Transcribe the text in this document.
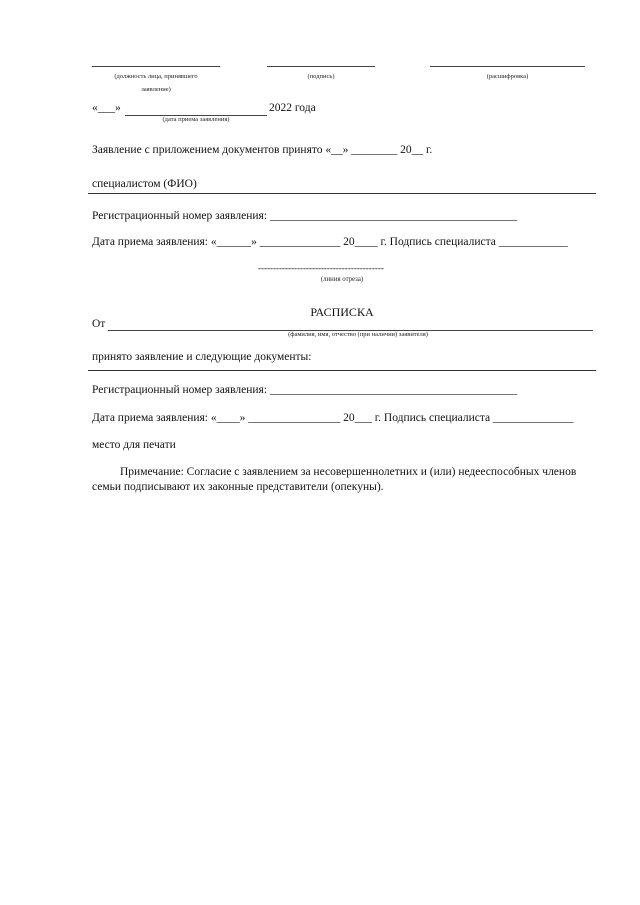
(должность лица, принявшего
заявление)
(подпись)	(расшифровка)
«___»	2022 года
(дата приема заявления)
Заявление с приложением документов принято «__» ________ 20__ г.
специалистом (ФИО)
Регистрационный номер заявления: ___________________________________________
Дата приема заявления: «______» ______________ 20____ г. Подпись специалиста ____________
------------------------------------------
(линия отреза)
РАСПИСКА
От
(фамилия, имя, отчество (при наличии) заявителя)
принято заявление и следующие документы:
Регистрационный номер заявления: ___________________________________________
Дата приема заявления: «____» ________________ 20___ г. Подпись специалиста ______________
место для печати
Примечание: Согласие с заявлением за несовершеннолетних и (или) недееспособных членов
семьи подписывают их законные представители (опекуны).
